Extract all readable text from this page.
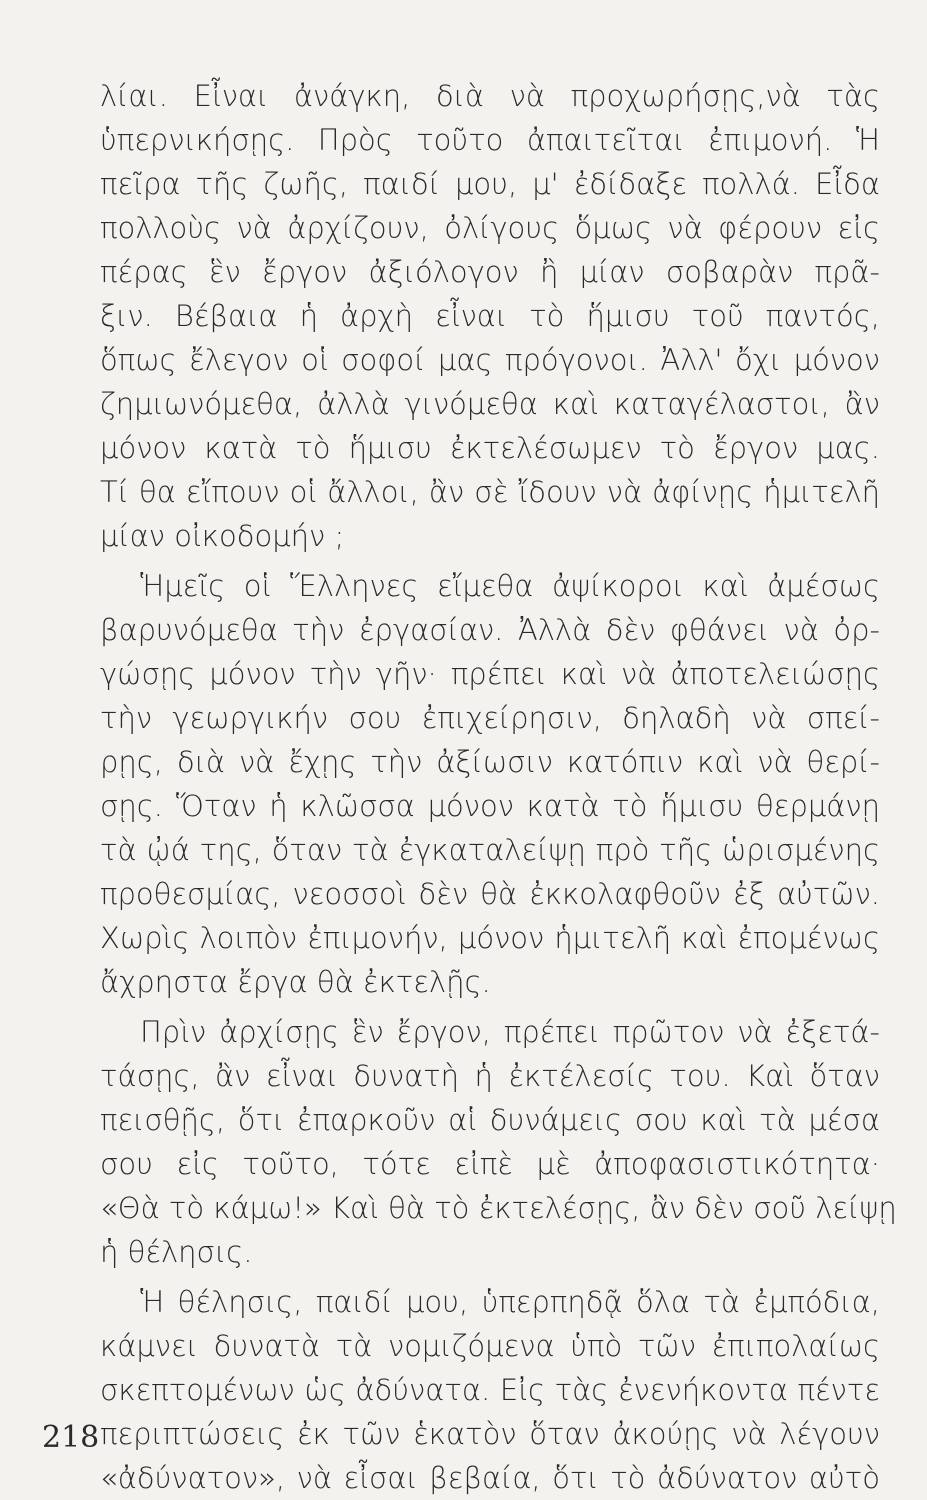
λίαι. Εἶναι ἀνάγκη, διὰ νὰ προχωρήσῃς,νὰ τὰς
ὑπερνικήσῃς. Πρὸς τοῦτο ἀπαιτεῖται ἐπιμονή. Ἡ
πεῖρα τῆς ζωῆς, παιδί μου, μ' ἐδίδαξε πολλά. Εἶδα
πολλοὺς νὰ ἀρχίζουν, ὀλίγους ὅμως νὰ φέρουν εἰς
πέρας ἓν ἔργον ἀξιόλογον ἢ μίαν σοβαρὰν πρᾶ-
ξιν. Βέβαια ἡ ἀρχὴ εἶναι τὸ ἥμισυ τοῦ παντός,
ὅπως ἔλεγον οἱ σοφοί μας πρόγονοι. Ἀλλ' ὄχι μόνον
ζημιωνόμεθα, ἀλλὰ γινόμεθα καὶ καταγέλαστοι, ἂν
μόνον κατὰ τὸ ἥμισυ ἐκτελέσωμεν τὸ ἔργον μας.
Τί θα εἴπουν οἱ ἄλλοι, ἂν σὲ ἴδουν νὰ ἀφίνῃς ἡμιτελῆ
μίαν οἰκοδομήν ;
Ἡμεῖς οἱ Ἕλληνες εἴμεθα ἀψίκοροι καὶ ἀμέσως
βαρυνόμεθα τὴν ἐργασίαν. Ἀλλὰ δὲν φθάνει νὰ ὀρ-
γώσῃς μόνον τὴν γῆν· πρέπει καὶ νὰ ἀποτελειώσῃς
τὴν γεωργικήν σου ἐπιχείρησιν, δηλαδὴ νὰ σπεί-
ρῃς, διὰ νὰ ἔχῃς τὴν ἀξίωσιν κατόπιν καὶ νὰ θερί-
σῃς. Ὅταν ἡ κλῶσσα μόνον κατὰ τὸ ἥμισυ θερμάνῃ
τὰ ᾠά της, ὅταν τὰ ἐγκαταλείψῃ πρὸ τῆς ὡρισμένης
προθεσμίας, νεοσσοὶ δὲν θὰ ἐκκολαφθοῦν ἐξ αὐτῶν.
Χωρὶς λοιπὸν ἐπιμονήν, μόνον ἡμιτελῆ καὶ ἐπομένως
ἄχρηστα ἔργα θὰ ἐκτελῇς.
Πρὶν ἀρχίσῃς ἓν ἔργον, πρέπει πρῶτον νὰ ἐξετά-
τάσῃς, ἂν εἶναι δυνατὴ ἡ ἐκτέλεσίς του. Καὶ ὅταν
πεισθῇς, ὅτι ἐπαρκοῦν αἱ δυνάμεις σου καὶ τὰ μέσα
σου εἰς τοῦτο, τότε εἰπὲ μὲ ἀποφασιστικότητα·
«Θὰ τὸ κάμω!» Καὶ θὰ τὸ ἐκτελέσῃς, ἂν δὲν σοῦ λείψῃ
ἡ θέλησις.
Ἡ θέλησις, παιδί μου, ὑπερπηδᾷ ὅλα τὰ ἐμπόδια,
κάμνει δυνατὰ τὰ νομιζόμενα ὑπὸ τῶν ἐπιπολαίως
σκεπτομένων ὡς ἀδύνατα. Εἰς τὰς ἐνενήκοντα πέντε
περιπτώσεις ἐκ τῶν ἑκατὸν ὅταν ἀκούῃς νὰ λέγουν
«ἀδύνατον», νὰ εἶσαι βεβαία, ὅτι τὸ ἀδύνατον αὐτὸ
218
